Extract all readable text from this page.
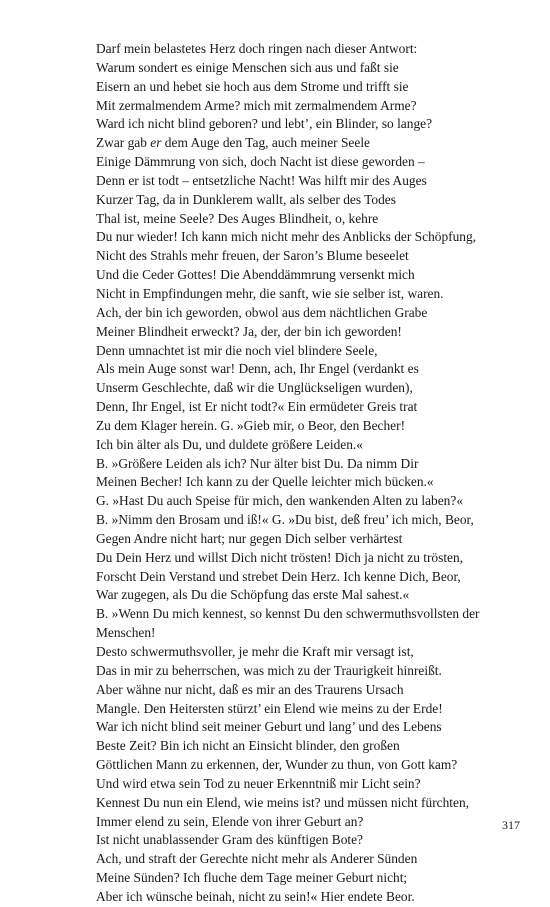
Darf mein belastetes Herz doch ringen nach dieser Antwort:
Warum sondert es einige Menschen sich aus und faßt sie
Eisern an und hebet sie hoch aus dem Strome und trifft sie
Mit zermalmendem Arme? mich mit zermalmendem Arme?
Ward ich nicht blind geboren? und lebt’, ein Blinder, so lange?
Zwar gab er dem Auge den Tag, auch meiner Seele
Einige Dämmrung von sich, doch Nacht ist diese geworden –
Denn er ist todt – entsetzliche Nacht! Was hilft mir des Auges
Kurzer Tag, da in Dunklerem wallt, als selber des Todes
Thal ist, meine Seele? Des Auges Blindheit, o, kehre
Du nur wieder! Ich kann mich nicht mehr des Anblicks der Schöpfung,
Nicht des Strahls mehr freuen, der Saron’s Blume beseelet
Und die Ceder Gottes! Die Abenddämmrung versenkt mich
Nicht in Empfindungen mehr, die sanft, wie sie selber ist, waren.
Ach, der bin ich geworden, obwol aus dem nächtlichen Grabe
Meiner Blindheit erweckt? Ja, der, der bin ich geworden!
Denn umnachtet ist mir die noch viel blindere Seele,
Als mein Auge sonst war! Denn, ach, Ihr Engel (verdankt es
Unserm Geschlechte, daß wir die Unglückseligen wurden),
Denn, Ihr Engel, ist Er nicht todt?« Ein ermüdeter Greis trat
Zu dem Klager herein. G. »Gieb mir, o Beor, den Becher!
Ich bin älter als Du, und duldete größere Leiden.«
B. »Größere Leiden als ich? Nur älter bist Du. Da nimm Dir
Meinen Becher! Ich kann zu der Quelle leichter mich bücken.«
G. »Hast Du auch Speise für mich, den wankenden Alten zu laben?«
B. »Nimm den Brosam und iß!« G. »Du bist, deß freu’ ich mich, Beor,
Gegen Andre nicht hart; nur gegen Dich selber verhärtest
Du Dein Herz und willst Dich nicht trösten! Dich ja nicht zu trösten,
Forscht Dein Verstand und strebet Dein Herz. Ich kenne Dich, Beor,
War zugegen, als Du die Schöpfung das erste Mal sahest.«
B. »Wenn Du mich kennest, so kennst Du den schwermuthsvollsten der
Menschen!
Desto schwermuthsvoller, je mehr die Kraft mir versagt ist,
Das in mir zu beherrschen, was mich zu der Traurigkeit hinreißt.
Aber wähne nur nicht, daß es mir an des Traurens Ursach
Mangle. Den Heitersten stürzt’ ein Elend wie meins zu der Erde!
War ich nicht blind seit meiner Geburt und lang’ und des Lebens
Beste Zeit? Bin ich nicht an Einsicht blinder, den großen
Göttlichen Mann zu erkennen, der, Wunder zu thun, von Gott kam?
Und wird etwa sein Tod zu neuer Erkenntniß mir Licht sein?
Kennest Du nun ein Elend, wie meins ist? und müssen nicht fürchten,
Immer elend zu sein, Elende von ihrer Geburt an?
Ist nicht unablassender Gram des künftigen Bote?
Ach, und straft der Gerechte nicht mehr als Anderer Sünden
Meine Sünden? Ich fluche dem Tage meiner Geburt nicht;
Aber ich wünsche beinah, nicht zu sein!« Hier endete Beor.
317
